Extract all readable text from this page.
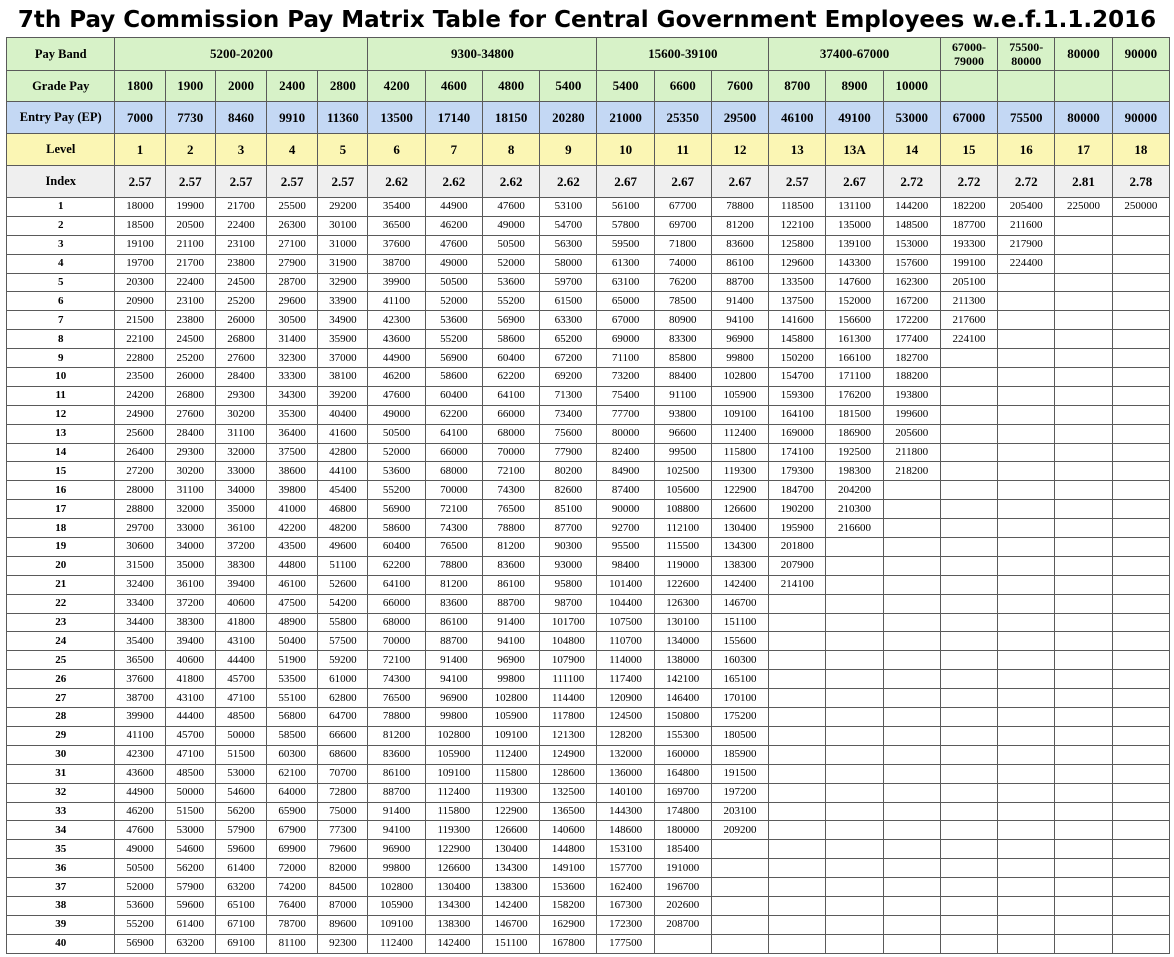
7th Pay Commission Pay Matrix Table for Central Government Employees w.e.f.1.1.2016
Pay Band	5200-20200					9300-34800				15600-39100			37400-67000			67000-79000	75500-80000	80000	90000
Grade Pay	1800	1900	2000	2400	2800	4200	4600	4800	5400	5400	6600	7600	8700	8900	10000				
Entry Pay (EP)	7000	7730	8460	9910	11360	13500	17140	18150	20280	21000	25350	29500	46100	49100	53000	67000	75500	80000	90000
Level	1	2	3	4	5	6	7	8	9	10	11	12	13	13A	14	15	16	17	18
Index	2.57	2.57	2.57	2.57	2.57	2.62	2.62	2.62	2.62	2.67	2.67	2.67	2.57	2.67	2.72	2.72	2.72	2.81	2.78
1	18000	19900	21700	25500	29200	35400	44900	47600	53100	56100	67700	78800	118500	131100	144200	182200	205400	225000	250000
2	18500	20500	22400	26300	30100	36500	46200	49000	54700	57800	69700	81200	122100	135000	148500	187700	211600		
3	19100	21100	23100	27100	31000	37600	47600	50500	56300	59500	71800	83600	125800	139100	153000	193300	217900		
4	19700	21700	23800	27900	31900	38700	49000	52000	58000	61300	74000	86100	129600	143300	157600	199100	224400		
5	20300	22400	24500	28700	32900	39900	50500	53600	59700	63100	76200	88700	133500	147600	162300	205100			
6	20900	23100	25200	29600	33900	41100	52000	55200	61500	65000	78500	91400	137500	152000	167200	211300			
7	21500	23800	26000	30500	34900	42300	53600	56900	63300	67000	80900	94100	141600	156600	172200	217600			
8	22100	24500	26800	31400	35900	43600	55200	58600	65200	69000	83300	96900	145800	161300	177400	224100			
9	22800	25200	27600	32300	37000	44900	56900	60400	67200	71100	85800	99800	150200	166100	182700				
10	23500	26000	28400	33300	38100	46200	58600	62200	69200	73200	88400	102800	154700	171100	188200				
11	24200	26800	29300	34300	39200	47600	60400	64100	71300	75400	91100	105900	159300	176200	193800				
12	24900	27600	30200	35300	40400	49000	62200	66000	73400	77700	93800	109100	164100	181500	199600				
13	25600	28400	31100	36400	41600	50500	64100	68000	75600	80000	96600	112400	169000	186900	205600				
14	26400	29300	32000	37500	42800	52000	66000	70000	77900	82400	99500	115800	174100	192500	211800				
15	27200	30200	33000	38600	44100	53600	68000	72100	80200	84900	102500	119300	179300	198300	218200				
16	28000	31100	34000	39800	45400	55200	70000	74300	82600	87400	105600	122900	184700	204200					
17	28800	32000	35000	41000	46800	56900	72100	76500	85100	90000	108800	126600	190200	210300					
18	29700	33000	36100	42200	48200	58600	74300	78800	87700	92700	112100	130400	195900	216600					
19	30600	34000	37200	43500	49600	60400	76500	81200	90300	95500	115500	134300	201800						
20	31500	35000	38300	44800	51100	62200	78800	83600	93000	98400	119000	138300	207900						
21	32400	36100	39400	46100	52600	64100	81200	86100	95800	101400	122600	142400	214100						
22	33400	37200	40600	47500	54200	66000	83600	88700	98700	104400	126300	146700							
23	34400	38300	41800	48900	55800	68000	86100	91400	101700	107500	130100	151100							
24	35400	39400	43100	50400	57500	70000	88700	94100	104800	110700	134000	155600							
25	36500	40600	44400	51900	59200	72100	91400	96900	107900	114000	138000	160300							
26	37600	41800	45700	53500	61000	74300	94100	99800	111100	117400	142100	165100							
27	38700	43100	47100	55100	62800	76500	96900	102800	114400	120900	146400	170100							
28	39900	44400	48500	56800	64700	78800	99800	105900	117800	124500	150800	175200							
29	41100	45700	50000	58500	66600	81200	102800	109100	121300	128200	155300	180500							
30	42300	47100	51500	60300	68600	83600	105900	112400	124900	132000	160000	185900							
31	43600	48500	53000	62100	70700	86100	109100	115800	128600	136000	164800	191500							
32	44900	50000	54600	64000	72800	88700	112400	119300	132500	140100	169700	197200							
33	46200	51500	56200	65900	75000	91400	115800	122900	136500	144300	174800	203100							
34	47600	53000	57900	67900	77300	94100	119300	126600	140600	148600	180000	209200							
35	49000	54600	59600	69900	79600	96900	122900	130400	144800	153100	185400								
36	50500	56200	61400	72000	82000	99800	126600	134300	149100	157700	191000								
37	52000	57900	63200	74200	84500	102800	130400	138300	153600	162400	196700								
38	53600	59600	65100	76400	87000	105900	134300	142400	158200	167300	202600								
39	55200	61400	67100	78700	89600	109100	138300	146700	162900	172300	208700								
40	56900	63200	69100	81100	92300	112400	142400	151100	167800	177500									
